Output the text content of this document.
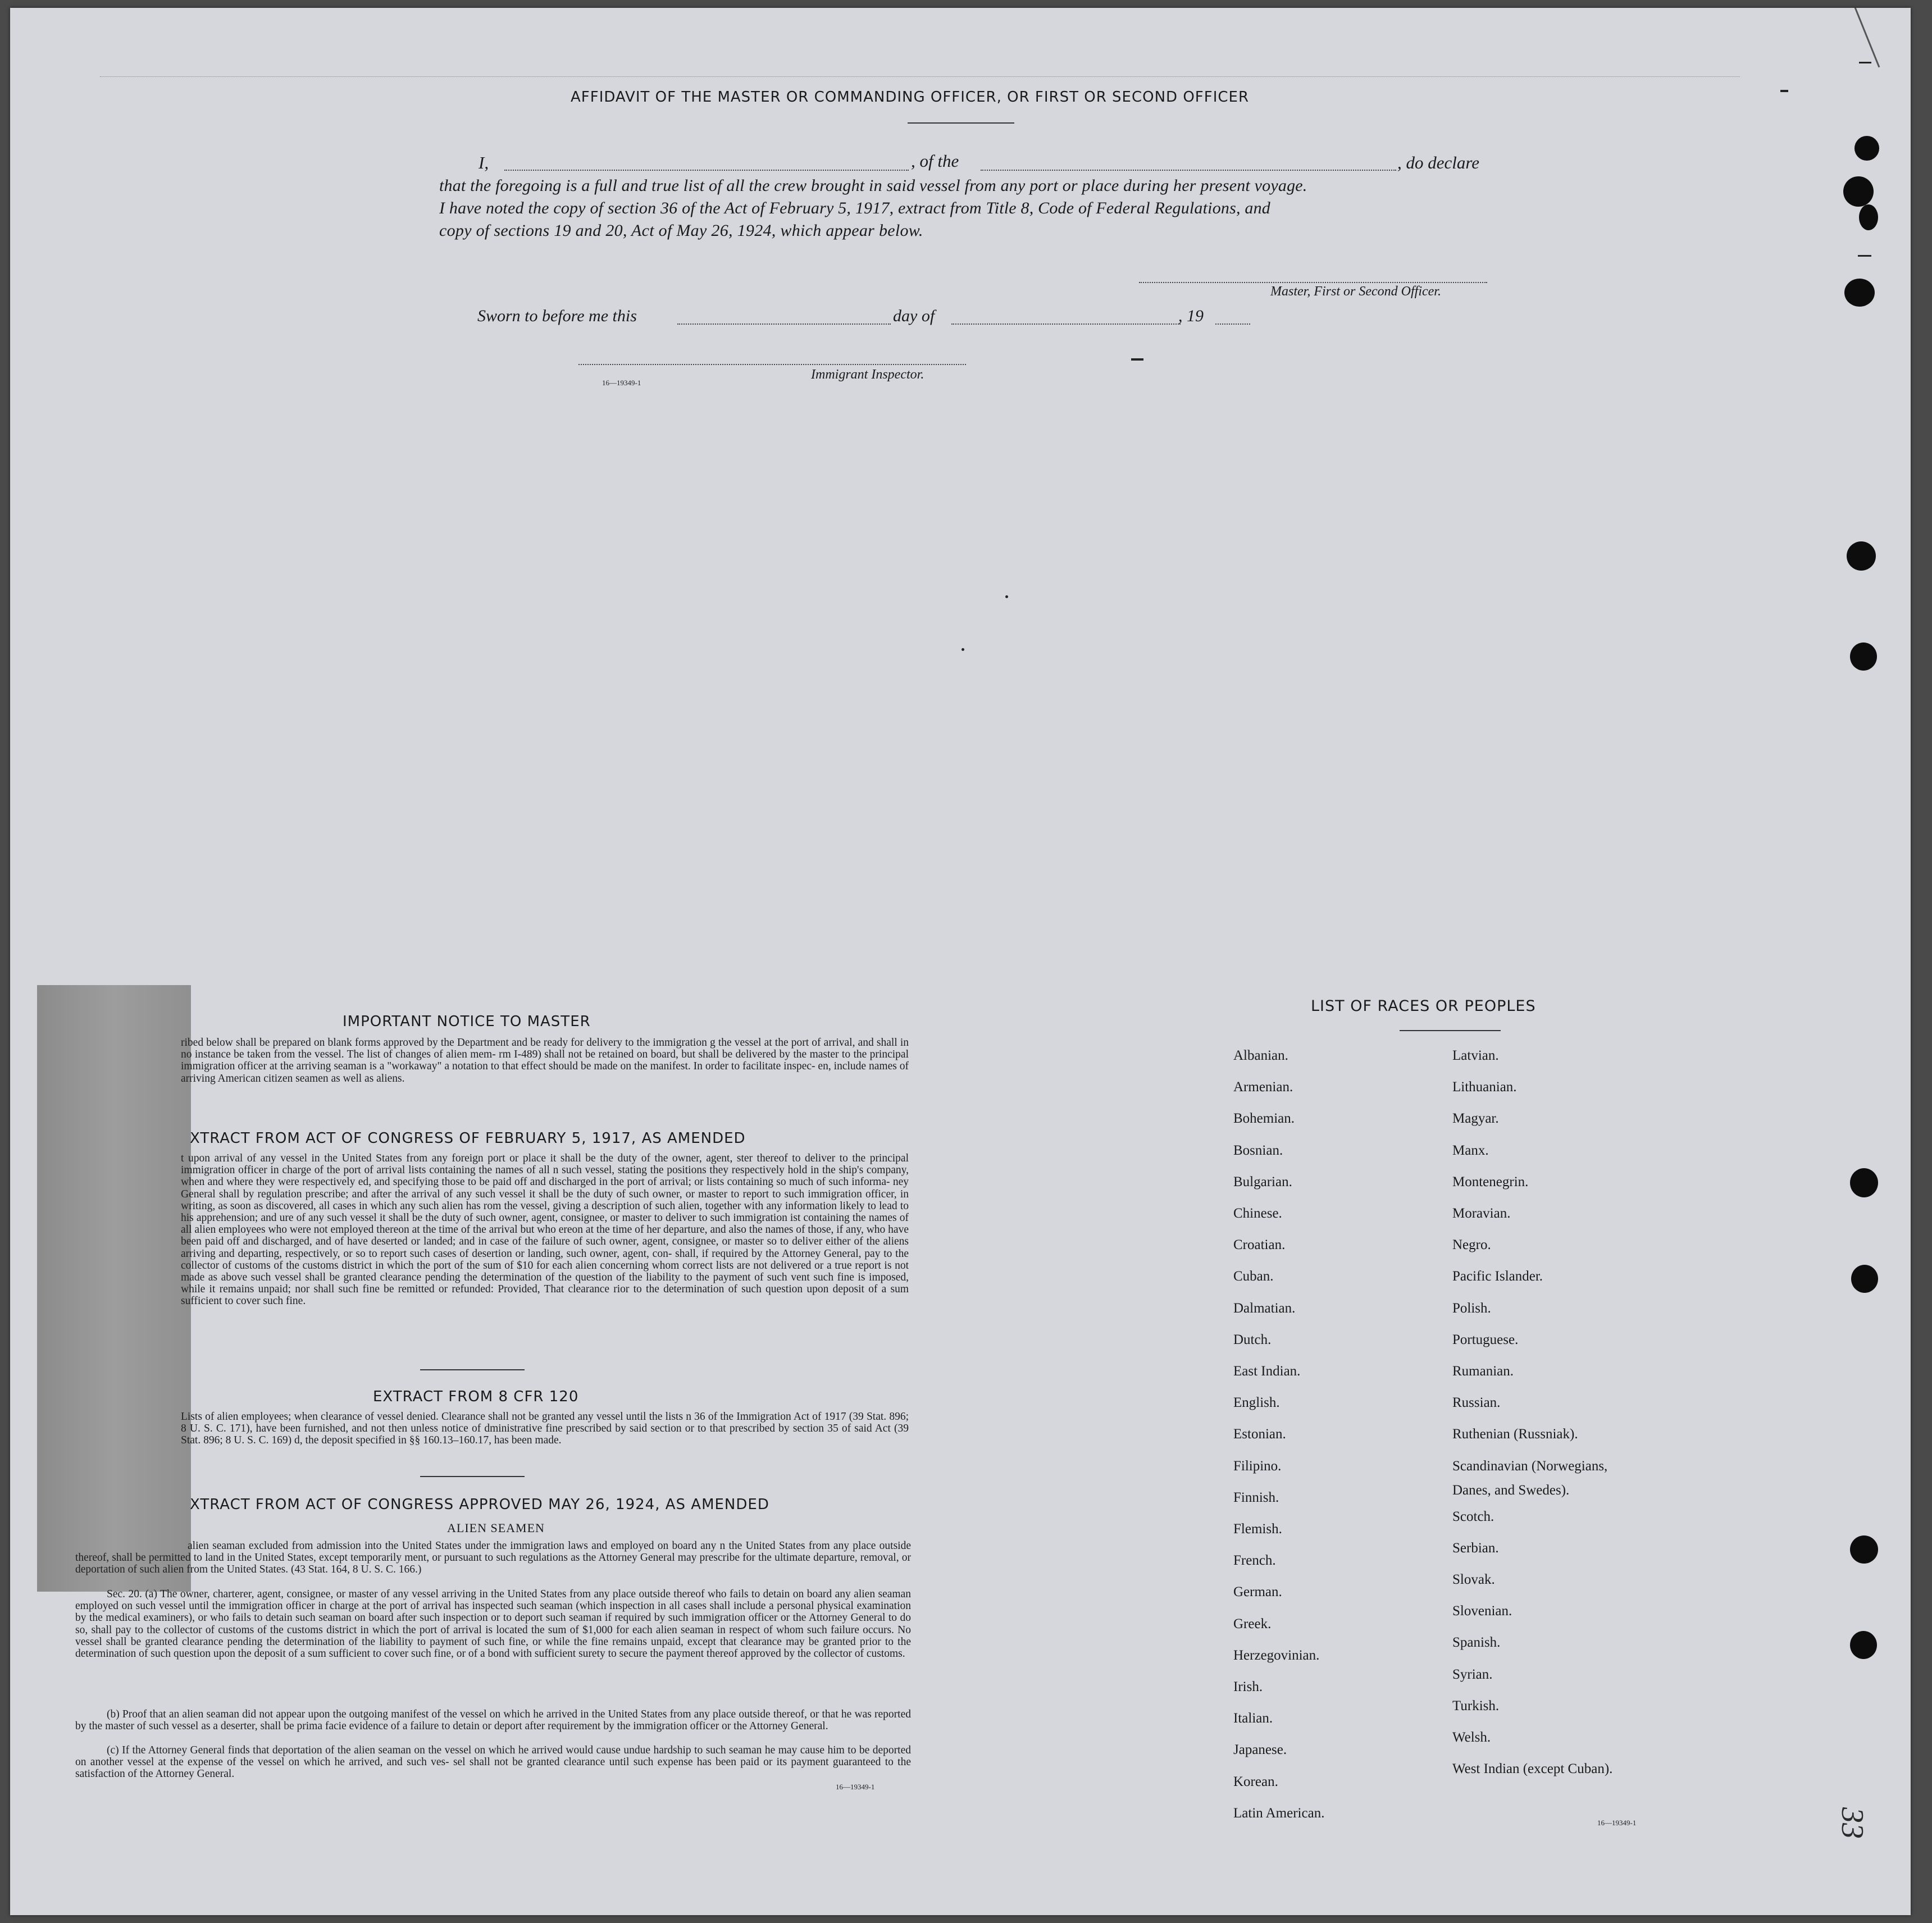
AFFIDAVIT OF THE MASTER OR COMMANDING OFFICER, OR FIRST OR SECOND OFFICER
I,	, of the	, do declare
that the foregoing is a full and true list of all the crew brought in said vessel from any port or place during her present voyage.
I have noted the copy of section 36 of the Act of February 5, 1917, extract from Title 8, Code of Federal Regulations, and
copy of sections 19 and 20, Act of May 26, 1924, which appear below.
Master, First or Second Officer.
Sworn to before me this	day of	, 19
Immigrant Inspector.
16—19349-1
IMPORTANT NOTICE TO MASTER
ribed below shall be prepared on blank forms approved by the Department and be ready for delivery to the immigration g the vessel at the port of arrival, and shall in no instance be taken from the vessel. The list of changes of alien mem- rm I-489) shall not be retained on board, but shall be delivered by the master to the principal immigration officer at the arriving seaman is a "workaway" a notation to that effect should be made on the manifest. In order to facilitate inspec- en, include names of arriving American citizen seamen as well as aliens.
XTRACT FROM ACT OF CONGRESS OF FEBRUARY 5, 1917, AS AMENDED
t upon arrival of any vessel in the United States from any foreign port or place it shall be the duty of the owner, agent, ster thereof to deliver to the principal immigration officer in charge of the port of arrival lists containing the names of all n such vessel, stating the positions they respectively hold in the ship's company, when and where they were respectively ed, and specifying those to be paid off and discharged in the port of arrival; or lists containing so much of such informa- ney General shall by regulation prescribe; and after the arrival of any such vessel it shall be the duty of such owner, or master to report to such immigration officer, in writing, as soon as discovered, all cases in which any such alien has rom the vessel, giving a description of such alien, together with any information likely to lead to his apprehension; and ure of any such vessel it shall be the duty of such owner, agent, consignee, or master to deliver to such immigration ist containing the names of all alien employees who were not employed thereon at the time of the arrival but who ereon at the time of her departure, and also the names of those, if any, who have been paid off and discharged, and of have deserted or landed; and in case of the failure of such owner, agent, consignee, or master so to deliver either of the aliens arriving and departing, respectively, or so to report such cases of desertion or landing, such owner, agent, con- shall, if required by the Attorney General, pay to the collector of customs of the customs district in which the port of the sum of $10 for each alien concerning whom correct lists are not delivered or a true report is not made as above such vessel shall be granted clearance pending the determination of the question of the liability to the payment of such vent such fine is imposed, while it remains unpaid; nor shall such fine be remitted or refunded: Provided, That clearance rior to the determination of such question upon deposit of a sum sufficient to cover such fine.
EXTRACT FROM 8 CFR 120
Lists of alien employees; when clearance of vessel denied. Clearance shall not be granted any vessel until the lists n 36 of the Immigration Act of 1917 (39 Stat. 896; 8 U. S. C. 171), have been furnished, and not then unless notice of dministrative fine prescribed by said section or to that prescribed by section 35 of said Act (39 Stat. 896; 8 U. S. C. 169) d, the deposit specified in §§ 160.13–160.17, has been made.
XTRACT FROM ACT OF CONGRESS APPROVED MAY 26, 1924, AS AMENDED
ALIEN SEAMEN
alien seaman excluded from admission into the United States under the immigration laws and employed on board any n the United States from any place outside thereof, shall be permitted to land in the United States, except temporarily ment, or pursuant to such regulations as the Attorney General may prescribe for the ultimate departure, removal, or deportation of such alien from the United States. (43 Stat. 164, 8 U. S. C. 166.)
Sec. 20. (a) The owner, charterer, agent, consignee, or master of any vessel arriving in the United States from any place outside thereof who fails to detain on board any alien seaman employed on such vessel until the immigration officer in charge at the port of arrival has inspected such seaman (which inspection in all cases shall include a personal physical examination by the medical examiners), or who fails to detain such seaman on board after such inspection or to deport such seaman if required by such immigration officer or the Attorney General to do so, shall pay to the collector of customs of the customs district in which the port of arrival is located the sum of $1,000 for each alien seaman in respect of whom such failure occurs. No vessel shall be granted clearance pending the determination of the liability to payment of such fine, or while the fine remains unpaid, except that clearance may be granted prior to the determination of such question upon the deposit of a sum sufficient to cover such fine, or of a bond with sufficient surety to secure the payment thereof approved by the collector of customs.
(b) Proof that an alien seaman did not appear upon the outgoing manifest of the vessel on which he arrived in the United States from any place outside thereof, or that he was reported by the master of such vessel as a deserter, shall be prima facie evidence of a failure to detain or deport after requirement by the immigration officer or the Attorney General.
(c) If the Attorney General finds that deportation of the alien seaman on the vessel on which he arrived would cause undue hardship to such seaman he may cause him to be deported on another vessel at the expense of the vessel on which he arrived, and such ves- sel shall not be granted clearance until such expense has been paid or its payment guaranteed to the satisfaction of the Attorney General.
16—19349-1
LIST OF RACES OR PEOPLES
Danes, and Swedes).
16—19349-1	33
Albanian.
Armenian.
Bohemian.
Bosnian.
Bulgarian.
Chinese.
Croatian.
Cuban.
Dalmatian.
Dutch.
East Indian.
English.
Estonian.
Filipino.
Finnish.
Flemish.
French.
German.
Greek.
Herzegovinian.
Irish.
Italian.
Japanese.
Korean.
Latin American.
Latvian.
Lithuanian.
Magyar.
Manx.
Montenegrin.
Moravian.
Negro.
Pacific Islander.
Polish.
Portuguese.
Rumanian.
Russian.
Ruthenian (Russniak).
Scandinavian (Norwegians,
Scotch.
Serbian.
Slovak.
Slovenian.
Spanish.
Syrian.
Turkish.
Welsh.
West Indian (except Cuban).
